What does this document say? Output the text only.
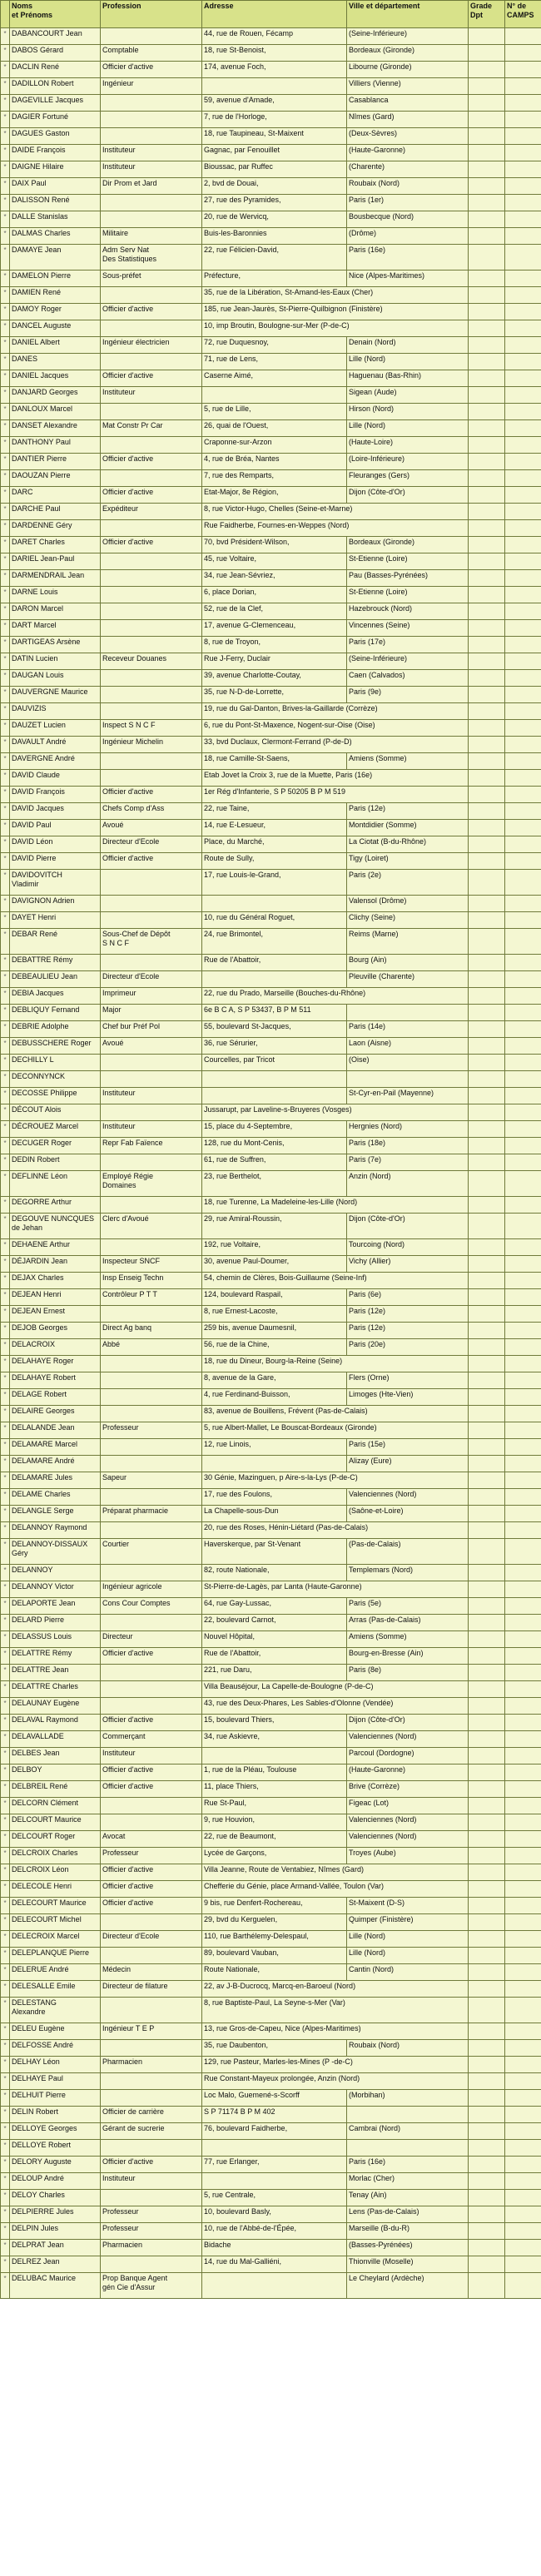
	Noms
et Prénoms	Profession	Adresse	Ville et département	Grade
Dpt	N° de
CAMPS
*	DABANCOURT Jean		44, rue de Rouen, Fécamp	(Seine-Inférieure)		
*	DABOS Gérard	Comptable	18, rue St-Benoist,	Bordeaux (Gironde)		
*	DACLIN René	Officier d'active	174, avenue Foch,	Libourne (Gironde)		
*	DADILLON Robert	Ingénieur		Villiers (Vienne)		
*	DAGEVILLE Jacques		59, avenue d'Amade,	Casablanca		
*	DAGIER Fortuné		7, rue de l'Horloge,	Nîmes (Gard)		
*	DAGUES Gaston		18, rue Taupineau, St-Maixent	(Deux-Sèvres)		
*	DAIDE François	Instituteur	Gagnac, par Fenouillet	(Haute-Garonne)		
*	DAIGNE Hilaire	Instituteur	Bioussac, par Ruffec	(Charente)		
*	DAIX Paul	Dir Prom et Jard	2, bvd de Douai,	Roubaix (Nord)		
*	DALISSON René		27, rue des Pyramides,	Paris (1er)		
*	DALLE Stanislas		20, rue de Wervicq,	Bousbecque (Nord)		
*	DALMAS Charles	Militaire	Buis-les-Baronnies	(Drôme)		
*	DAMAYE Jean	Adm Serv Nat
Des Statistiques	22, rue Félicien-David,	Paris (16e)		
*	DAMELON Pierre	Sous-préfet	Préfecture,	Nice (Alpes-Maritimes)		
*	DAMIEN René		35, rue de la Libération, St-Amand-les-Eaux (Cher)			
*	DAMOY Roger	Officier d'active	185, rue Jean-Jaurès, St-Pierre-Quilbignon (Finistère)			
*	DANCEL Auguste		10, imp Broutin, Boulogne-sur-Mer (P-de-C)			
*	DANIEL Albert	Ingénieur électricien	72, rue Duquesnoy,	Denain (Nord)		
*	DANES		71, rue de Lens,	Lille (Nord)		
*	DANIEL Jacques	Officier d'active	Caserne Aimé,	Haguenau (Bas-Rhin)		
*	DANJARD Georges	Instituteur		Sigean (Aude)		
*	DANLOUX Marcel		5, rue de Lille,	Hirson (Nord)		
*	DANSET Alexandre	Mat Constr Pr Car	26, quai de l'Ouest,	Lille (Nord)		
*	DANTHONY Paul		Craponne-sur-Arzon	(Haute-Loire)		
*	DANTIER Pierre	Officier d'active	4, rue de Bréa, Nantes	(Loire-Inférieure)		
*	DAOUZAN Pierre		7, rue des Remparts,	Fleuranges (Gers)		
*	DARC	Officier d'active	Etat-Major, 8e Région,	Dijon (Côte-d'Or)		
*	DARCHE Paul	Expéditeur	8, rue Victor-Hugo, Chelles (Seine-et-Marne)			
*	DARDENNE Géry		Rue Faidherbe, Fournes-en-Weppes (Nord)			
*	DARET Charles	Officier d'active	70, bvd Président-Wilson,	Bordeaux (Gironde)		
*	DARIEL Jean-Paul		45, rue Voltaire,	St-Etienne (Loire)		
*	DARMENDRAIL Jean		34, rue Jean-Sévriez,	Pau (Basses-Pyrénées)		
*	DARNE Louis		6, place Dorian,	St-Etienne (Loire)		
*	DARON Marcel		52, rue de la Clef,	Hazebrouck (Nord)		
*	DART Marcel		17, avenue G-Clemenceau,	Vincennes (Seine)		
*	DARTIGEAS Arsène		8, rue de Troyon,	Paris (17e)		
*	DATIN Lucien	Receveur Douanes	Rue J-Ferry, Duclair	(Seine-Inférieure)		
*	DAUGAN Louis		39, avenue Charlotte-Coutay,	Caen (Calvados)		
*	DAUVERGNE Maurice		35, rue N-D-de-Lorrette,	Paris (9e)		
*	DAUVIZIS		19, rue du Gal-Danton, Brives-la-Gaillarde (Corrèze)			
*	DAUZET Lucien	Inspect S N C F	6, rue du Pont-St-Maxence, Nogent-sur-Oise (Oise)			
*	DAVAULT André	Ingénieur Michelin	33, bvd Duclaux, Clermont-Ferrand (P-de-D)			
*	DAVERGNE André		18, rue Camille-St-Saens,	Amiens (Somme)		
*	DAVID Claude		Etab Jovet la Croix 3, rue de la Muette, Paris (16e)			
*	DAVID François	Officier d'active	1er Rég d'Infanterie, S P 50205 B P M 519			
*	DAVID Jacques	Chefs Comp d'Ass	22, rue Taine,	Paris (12e)		
*	DAVID Paul	Avoué	14, rue E-Lesueur,	Montdidier (Somme)		
*	DAVID Léon	Directeur d'Ecole	Place, du Marché,	La Ciotat (B-du-Rhône)		
*	DAVID Pierre	Officier d'active	Route de Sully,	Tigy (Loiret)		
*	DAVIDOVITCH
Vladimir		17, rue Louis-le-Grand,	Paris (2e)		
*	DAVIGNON Adrien			Valensol (Drôme)		
*	DAYET Henri		10, rue du Général Roguet,	Clichy (Seine)		
*	DEBAR René	Sous-Chef de Dépôt
S N C F	24, rue Brimontel,	Reims (Marne)		
*	DEBATTRE Rémy		Rue de l'Abattoir,	Bourg (Ain)		
*	DEBEAULIEU Jean	Directeur d'Ecole		Pleuville (Charente)		
*	DEBIA Jacques	Imprimeur	22, rue du Prado, Marseille (Bouches-du-Rhône)			
*	DEBLIQUY Fernand	Major	6e B C A, S P 53437, B P M 511			
*	DEBRIE Adolphe	Chef bur Préf Pol	55, boulevard St-Jacques,	Paris (14e)		
*	DEBUSSCHERE Roger	Avoué	36, rue Sérurier,	Laon (Aisne)		
*	DECHILLY L		Courcelles, par Tricot	(Oise)		
*	DECONNYNCK					
*	DECOSSE Philippe	Instituteur		St-Cyr-en-Pail (Mayenne)		
*	DÉCOUT Alois		Jussarupt, par Laveline-s-Bruyeres (Vosges)			
*	DÉCROUEZ Marcel	Instituteur	15, place du 4-Septembre,	Hergnies (Nord)		
*	DECUGER Roger	Repr Fab Faïence	128, rue du Mont-Cenis,	Paris (18e)		
*	DEDIN Robert		61, rue de Suffren,	Paris (7e)		
*	DEFLINNE Léon	Employé Régie
Domaines	23, rue Berthelot,	Anzin (Nord)		
*	DEGORRE Arthur		18, rue Turenne, La Madeleine-les-Lille (Nord)			
*	DEGOUVE NUNCQUES
de Jehan	Clerc d'Avoué	29, rue Amiral-Roussin,	Dijon (Côte-d'Or)		
*	DEHAENE Arthur		192, rue Voltaire,	Tourcoing (Nord)		
*	DÉJARDIN Jean	Inspecteur SNCF	30, avenue Paul-Doumer,	Vichy (Allier)		
*	DEJAX Charles	Insp Enseig Techn	54, chemin de Clères, Bois-Guillaume (Seine-Inf)			
*	DEJEAN Henri	Contrôleur P T T	124, boulevard Raspail,	Paris (6e)		
*	DEJEAN Ernest		8, rue Ernest-Lacoste,	Paris (12e)		
*	DEJOB Georges	Direct Ag banq	259 bis, avenue Daumesnil,	Paris (12e)		
*	DELACROIX	Abbé	56, rue de la Chine,	Paris (20e)		
*	DELAHAYE Roger		18, rue du Dineur, Bourg-la-Reine (Seine)			
*	DELAHAYE Robert		8, avenue de la Gare,	Flers (Orne)		
*	DELAGE Robert		4, rue Ferdinand-Buisson,	Limoges (Hte-Vien)		
*	DELAIRE Georges		83, avenue de Bouillens, Frévent (Pas-de-Calais)			
*	DELALANDE Jean	Professeur	5, rue Albert-Mallet, Le Bouscat-Bordeaux (Gironde)			
*	DELAMARE Marcel		12, rue Linois,	Paris (15e)		
*	DELAMARE André			Alizay (Eure)		
*	DELAMARE Jules	Sapeur	30 Génie, Mazinguen, p Aire-s-la-Lys (P-de-C)			
*	DELAME Charles		17, rue des Foulons,	Valenciennes (Nord)		
*	DELANGLE Serge	Préparat pharmacie	La Chapelle-sous-Dun	(Saône-et-Loire)		
*	DELANNOY Raymond		20, rue des Roses, Hénin-Liétard (Pas-de-Calais)			
*	DELANNOY-DISSAUX
Géry	Courtier	Haverskerque, par St-Venant	(Pas-de-Calais)		
*	DELANNOY		82, route Nationale,	Templemars (Nord)		
*	DELANNOY Victor	Ingénieur agricole	St-Pierre-de-Lagès, par Lanta (Haute-Garonne)			
*	DELAPORTE Jean	Cons Cour Comptes	64, rue Gay-Lussac,	Paris (5e)		
*	DELARD Pierre		22, boulevard Carnot,	Arras (Pas-de-Calais)		
*	DELASSUS Louis	Directeur	Nouvel Hôpital,	Amiens (Somme)		
*	DELATTRE Rémy	Officier d'active	Rue de l'Abattoir,	Bourg-en-Bresse (Ain)		
*	DELATTRE Jean		221, rue Daru,	Paris (8e)		
*	DELATTRE Charles		Villa Beauséjour, La Capelle-de-Boulogne (P-de-C)			
*	DELAUNAY Eugène		43, rue des Deux-Phares, Les Sables-d'Olonne (Vendée)			
*	DELAVAL Raymond	Officier d'active	15, boulevard Thiers,	Dijon (Côte-d'Or)		
*	DELAVALLADE	Commerçant	34, rue Askievre,	Valenciennes (Nord)		
*	DELBES Jean	Instituteur		Parcoul (Dordogne)		
*	DELBOY	Officier d'active	1, rue de la Pléau, Toulouse	(Haute-Garonne)		
*	DELBREIL René	Officier d'active	11, place Thiers,	Brive (Corrèze)		
*	DELCORN Clément		Rue St-Paul,	Figeac (Lot)		
*	DELCOURT Maurice		9, rue Houvion,	Valenciennes (Nord)		
*	DELCOURT Roger	Avocat	22, rue de Beaumont,	Valenciennes (Nord)		
*	DELCROIX Charles	Professeur	Lycée de Garçons,	Troyes (Aube)		
*	DELCROIX Léon	Officier d'active	Villa Jeanne, Route de Ventabiez, Nîmes (Gard)			
*	DELECOLE Henri	Officier d'active	Chefferie du Génie, place Armand-Vallée, Toulon (Var)			
*	DELECOURT Maurice	Officier d'active	9 bis, rue Denfert-Rochereau,	St-Maixent (D-S)		
*	DELECOURT Michel		29, bvd du Kerguelen,	Quimper (Finistère)		
*	DELECROIX Marcel	Directeur d'Ecole	110, rue Barthélemy-Delespaul,	Lille (Nord)		
*	DELEPLANQUE Pierre		89, boulevard Vauban,	Lille (Nord)		
*	DELERUE André	Médecin	Route Nationale,	Cantin (Nord)		
*	DELESALLE Emile	Directeur de filature	22, av J-B-Ducrocq, Marcq-en-Baroeul (Nord)			
*	DELESTANG
Alexandre		8, rue Baptiste-Paul, La Seyne-s-Mer (Var)			
*	DELEU Eugène	Ingénieur T E P	13, rue Gros-de-Capeu, Nice (Alpes-Maritimes)			
*	DELFOSSE André		35, rue Daubenton,	Roubaix (Nord)		
*	DELHAY Léon	Pharmacien	129, rue Pasteur, Marles-les-Mines (P -de-C)			
*	DELHAYE Paul		Rue Constant-Mayeux prolongée, Anzin (Nord)			
*	DELHUIT Pierre		Loc Malo, Guemené-s-Scorff	(Morbihan)		
*	DELIN Robert	Officier de carrière	S P 71174 B P M 402			
*	DELLOYE Georges	Gérant de sucrerie	76, boulevard Faidherbe,	Cambrai (Nord)		
*	DELLOYE Robert					
*	DELORY Auguste	Officier d'active	77, rue Erlanger,	Paris (16e)		
*	DELOUP André	Instituteur		Morlac (Cher)		
*	DELOY Charles		5, rue Centrale,	Tenay (Ain)		
*	DELPIERRE Jules	Professeur	10, boulevard Basly,	Lens (Pas-de-Calais)		
*	DELPIN Jules	Professeur	10, rue de l'Abbé-de-l'Épée,	Marseille (B-du-R)		
*	DELPRAT Jean	Pharmacien	Bidache	(Basses-Pyrénées)		
*	DELREZ Jean		14, rue du Mal-Galliéni,	Thionville (Moselle)		
*	DELUBAC Maurice	Prop Banque Agent
gén Cie d'Assur		Le Cheylard (Ardèche)		
